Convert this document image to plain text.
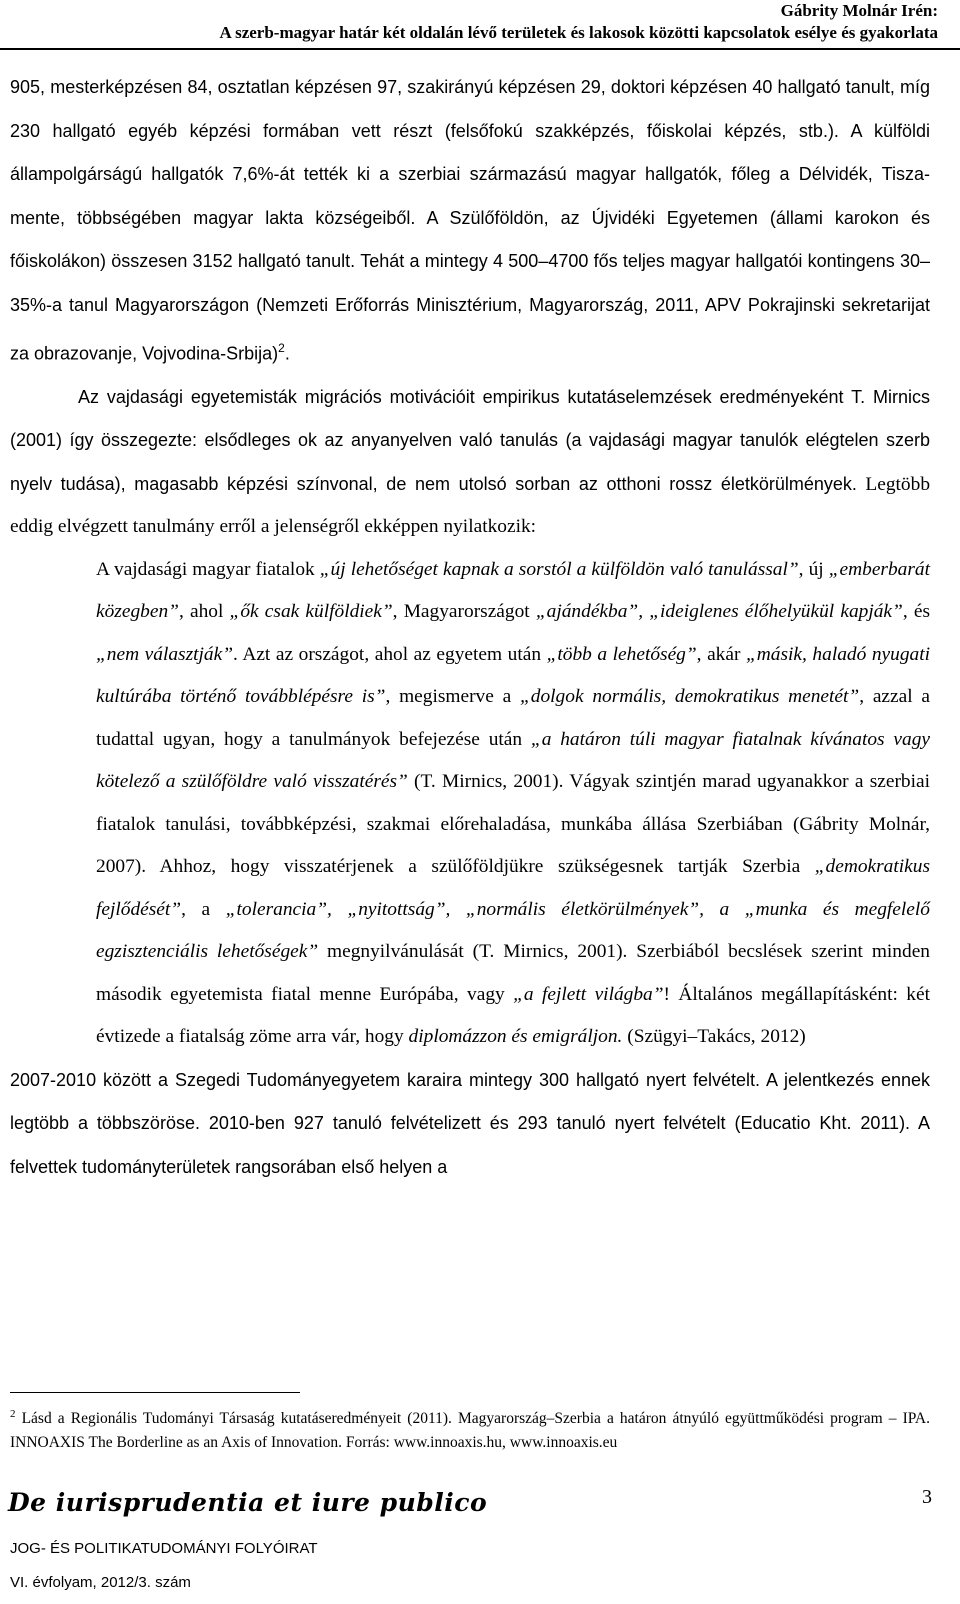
Gábrity Molnár Irén:
A szerb-magyar határ két oldalán lévő területek és lakosok közötti kapcsolatok esélye és gyakorlata

905, mesterképzésen 84, osztatlan képzésen 97, szakirányú képzésen 29, doktori képzésen 40 hallgató tanult, míg 230 hallgató egyéb képzési formában vett részt (felsőfokú szakképzés, főiskolai képzés, stb.). A külföldi állampolgárságú hallgatók 7,6%-át tették ki a szerbiai származású magyar hallgatók, főleg a Délvidék, Tisza-mente, többségében magyar lakta községeiből. A Szülőföldön, az Újvidéki Egyetemen (állami karokon és főiskolákon) összesen 3152 hallgató tanult. Tehát a mintegy 4 500–4700 fős teljes magyar hallgatói kontingens 30–35%-a tanul Magyarországon (Nemzeti Erőforrás Minisztérium, Magyarország, 2011, APV Pokrajinski sekretarijat za obrazovanje, Vojvodina-Srbija)$^2$.

Az vajdasági egyetemisták migrációs motivációit empirikus kutatáselemzések eredményeként T. Mirnics (2001) így összegezte: elsődleges ok az anyanyelven való tanulás (a vajdasági magyar tanulók elégtelen szerb nyelv tudása), magasabb képzési színvonal, de nem utolsó sorban az otthoni rossz életkörülmények. Legtöbb eddig elvégzett tanulmány erről a jelenségről ekképpen nyilatkozik:

A vajdasági magyar fiatalok „új lehetőséget kapnak a sorstól a külföldön való tanulással”, új „emberbarát közegben”, ahol „ők csak külföldiek”, Magyarországot „ajándékba”, „ideiglenes élőhelyükül kapják”, és „nem választják”. Azt az országot, ahol az egyetem után „több a lehetőség”, akár „másik, haladó nyugati kultúrába történő továbblépésre is”, megismerve a „dolgok normális, demokratikus menetét”, azzal a tudattal ugyan, hogy a tanulmányok befejezése után „a határon túli magyar fiatalnak kívánatos vagy kötelező a szülőföldre való visszatérés” (T. Mirnics, 2001). Vágyak szintjén marad ugyanakkor a szerbiai fiatalok tanulási, továbbképzési, szakmai előrehaladása, munkába állása Szerbiában (Gábrity Molnár, 2007). Ahhoz, hogy visszatérjenek a szülőföldjükre szükségesnek tartják Szerbia „demokratikus fejlődését”, a „tolerancia”, „nyitottság”, „normális életkörülmények”, a „munka és megfelelő egzisztenciális lehetőségek” megnyilvánulását (T. Mirnics, 2001). Szerbiából becslések szerint minden második egyetemista fiatal menne Európába, vagy „a fejlett világba”! Általános megállapításként: két évtizede a fiatalság zöme arra vár, hogy diplomázzon és emigráljon. (Szügyi–Takács, 2012)

2007-2010 között a Szegedi Tudományegyetem karaira mintegy 300 hallgató nyert felvételt. A jelentkezés ennek legtöbb a többszöröse. 2010-ben 927 tanuló felvételizett és 293 tanuló nyert felvételt (Educatio Kht. 2011). A felvettek tudományterületek rangsorában első helyen a

$^2$ Lásd a Regionális Tudományi Társaság kutatáseredményeit (2011). Magyarország–Szerbia a határon átnyúló együttműködési program – IPA. INNOAXIS The Borderline as an Axis of Innovation. Forrás: www.innoaxis.hu, www.innoaxis.eu
De iurisprudentia et iure publico	3
JOG- ÉS POLITIKATUDOMÁNYI FOLYÓIRAT
VI. évfolyam, 2012/3. szám
